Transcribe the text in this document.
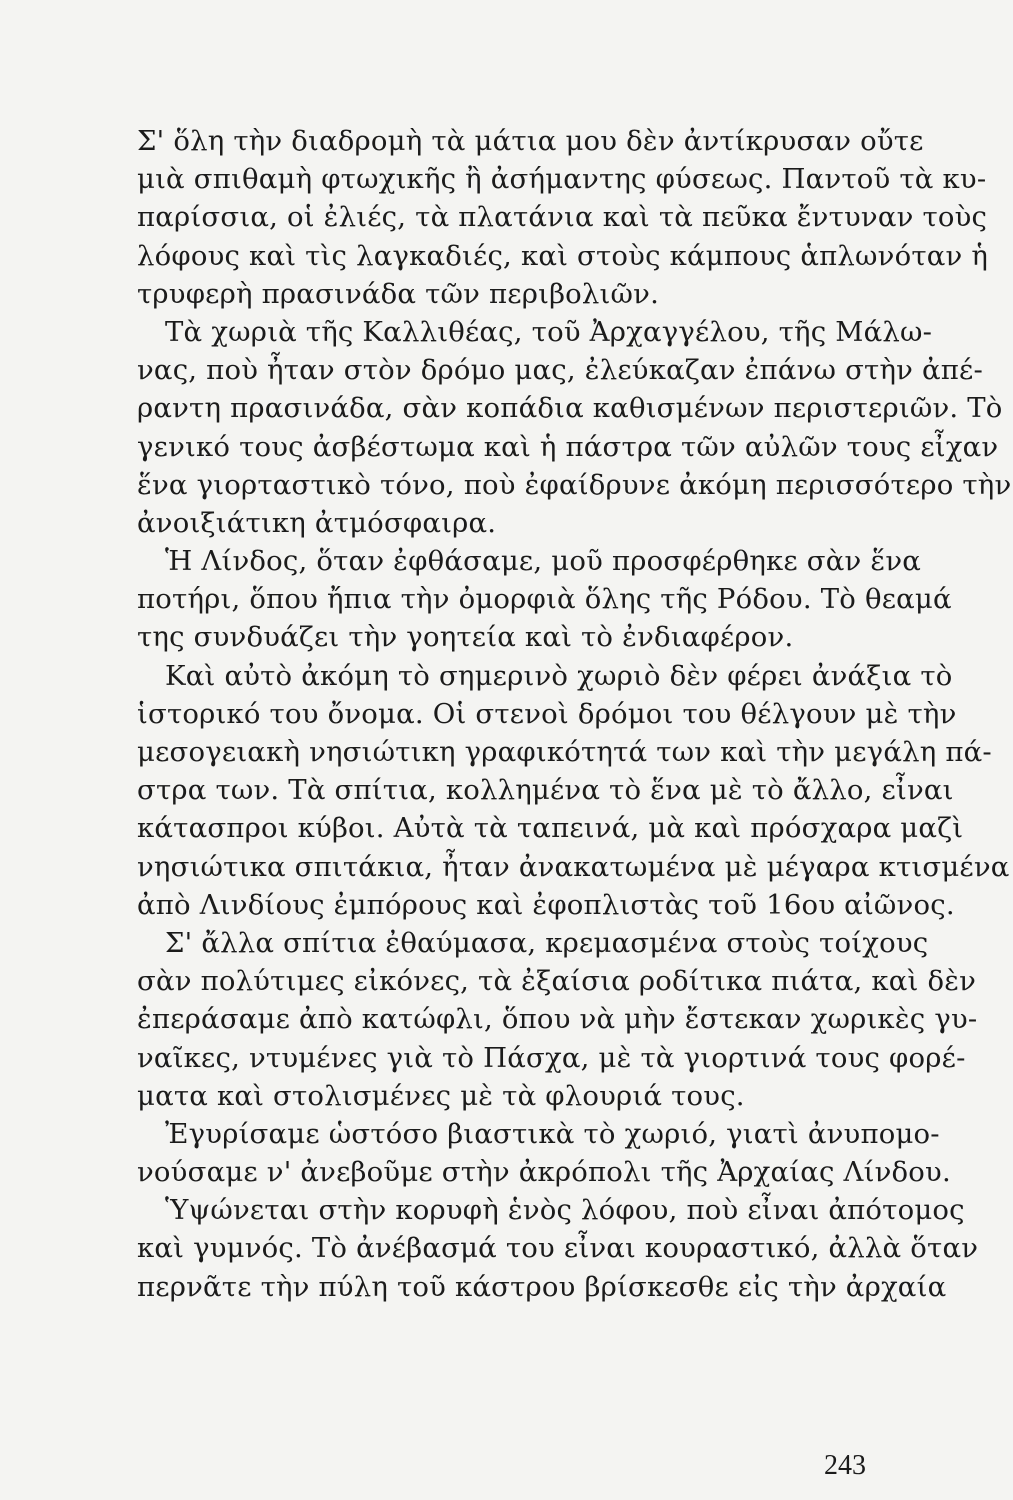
Σ' ὅλη τὴν διαδρομὴ τὰ μάτια μου δὲν ἀντίκρυσαν οὔτε
μιὰ σπιθαμὴ φτωχικῆς ἢ ἀσήμαντης φύσεως. Παντοῦ τὰ κυ-
παρίσσια, οἱ ἐλιές, τὰ πλατάνια καὶ τὰ πεῦκα ἔντυναν τοὺς
λόφους καὶ τὶς λαγκαδιές, καὶ στοὺς κάμπους ἁπλωνόταν ἡ
τρυφερὴ πρασινάδα τῶν περιβολιῶν.
Τὰ χωριὰ τῆς Καλλιθέας, τοῦ Ἀρχαγγέλου, τῆς Μάλω-
νας, ποὺ ἦταν στὸν δρόμο μας, ἐλεύκαζαν ἐπάνω στὴν ἀπέ-
ραντη πρασινάδα, σὰν κοπάδια καθισμένων περιστεριῶν. Τὸ
γενικό τους ἀσβέστωμα καὶ ἡ πάστρα τῶν αὐλῶν τους εἶχαν
ἕνα γιορταστικὸ τόνο, ποὺ ἐφαίδρυνε ἀκόμη περισσότερο τὴν
ἀνοιξιάτικη ἀτμόσφαιρα.
Ἡ Λίνδος, ὅταν ἐφθάσαμε, μοῦ προσφέρθηκε σὰν ἕνα
ποτήρι, ὅπου ἤπια τὴν ὀμορφιὰ ὅλης τῆς Ρόδου. Τὸ θεαμά
της συνδυάζει τὴν γοητεία καὶ τὸ ἐνδιαφέρον.
Καὶ αὐτὸ ἀκόμη τὸ σημερινὸ χωριὸ δὲν φέρει ἀνάξια τὸ
ἱστορικό του ὄνομα. Οἱ στενοὶ δρόμοι του θέλγουν μὲ τὴν
μεσογειακὴ νησιώτικη γραφικότητά των καὶ τὴν μεγάλη πά-
στρα των. Τὰ σπίτια, κολλημένα τὸ ἕνα μὲ τὸ ἄλλο, εἶναι
κάτασπροι κύβοι. Αὐτὰ τὰ ταπεινά, μὰ καὶ πρόσχαρα μαζὶ
νησιώτικα σπιτάκια, ἦταν ἀνακατωμένα μὲ μέγαρα κτισμένα
ἀπὸ Λινδίους ἐμπόρους καὶ ἐφοπλιστὰς τοῦ 16ου αἰῶνος.
Σ' ἄλλα σπίτια ἐθαύμασα, κρεμασμένα στοὺς τοίχους
σὰν πολύτιμες εἰκόνες, τὰ ἐξαίσια ροδίτικα πιάτα, καὶ δὲν
ἐπεράσαμε ἀπὸ κατώφλι, ὅπου νὰ μὴν ἔστεκαν χωρικὲς γυ-
ναῖκες, ντυμένες γιὰ τὸ Πάσχα, μὲ τὰ γιορτινά τους φορέ-
ματα καὶ στολισμένες μὲ τὰ φλουριά τους.
Ἐγυρίσαμε ὡστόσο βιαστικὰ τὸ χωριό, γιατὶ ἀνυπομο-
νούσαμε ν' ἀνεβοῦμε στὴν ἀκρόπολι τῆς Ἀρχαίας Λίνδου.
Ὑψώνεται στὴν κορυφὴ ἑνὸς λόφου, ποὺ εἶναι ἀπότομος
καὶ γυμνός. Τὸ ἀνέβασμά του εἶναι κουραστικό, ἀλλὰ ὅταν
περνᾶτε τὴν πύλη τοῦ κάστρου βρίσκεσθε εἰς τὴν ἀρχαία
243
